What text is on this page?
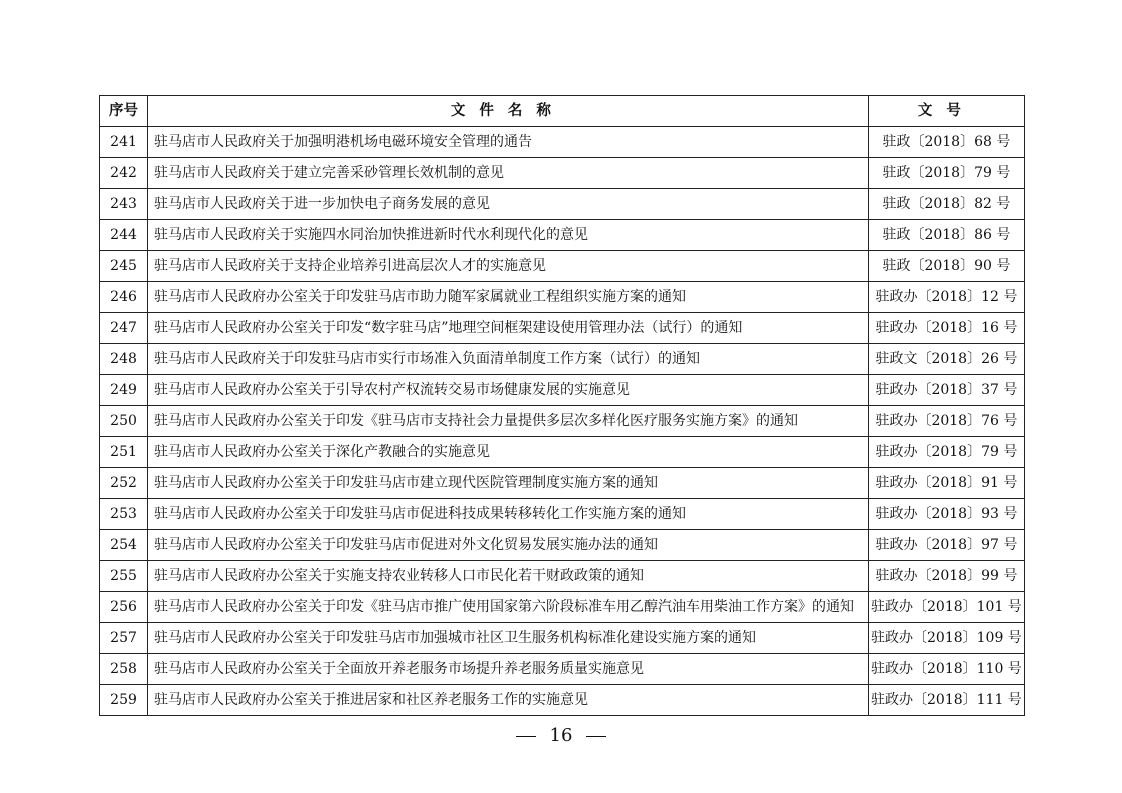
序号	文件名称	文号
241	驻马店市人民政府关于加强明港机场电磁环境安全管理的通告	驻政〔2018〕68 号
242	驻马店市人民政府关于建立完善采砂管理长效机制的意见	驻政〔2018〕79 号
243	驻马店市人民政府关于进一步加快电子商务发展的意见	驻政〔2018〕82 号
244	驻马店市人民政府关于实施四水同治加快推进新时代水利现代化的意见	驻政〔2018〕86 号
245	驻马店市人民政府关于支持企业培养引进高层次人才的实施意见	驻政〔2018〕90 号
246	驻马店市人民政府办公室关于印发驻马店市助力随军家属就业工程组织实施方案的通知	驻政办〔2018〕12 号
247	驻马店市人民政府办公室关于印发“数字驻马店”地理空间框架建设使用管理办法（试行）的通知	驻政办〔2018〕16 号
248	驻马店市人民政府关于印发驻马店市实行市场准入负面清单制度工作方案（试行）的通知	驻政文〔2018〕26 号
249	驻马店市人民政府办公室关于引导农村产权流转交易市场健康发展的实施意见	驻政办〔2018〕37 号
250	驻马店市人民政府办公室关于印发《驻马店市支持社会力量提供多层次多样化医疗服务实施方案》的通知	驻政办〔2018〕76 号
251	驻马店市人民政府办公室关于深化产教融合的实施意见	驻政办〔2018〕79 号
252	驻马店市人民政府办公室关于印发驻马店市建立现代医院管理制度实施方案的通知	驻政办〔2018〕91 号
253	驻马店市人民政府办公室关于印发驻马店市促进科技成果转移转化工作实施方案的通知	驻政办〔2018〕93 号
254	驻马店市人民政府办公室关于印发驻马店市促进对外文化贸易发展实施办法的通知	驻政办〔2018〕97 号
255	驻马店市人民政府办公室关于实施支持农业转移人口市民化若干财政政策的通知	驻政办〔2018〕99 号
256	驻马店市人民政府办公室关于印发《驻马店市推广使用国家第六阶段标准车用乙醇汽油车用柴油工作方案》的通知	驻政办〔2018〕101 号
257	驻马店市人民政府办公室关于印发驻马店市加强城市社区卫生服务机构标准化建设实施方案的通知	驻政办〔2018〕109 号
258	驻马店市人民政府办公室关于全面放开养老服务市场提升养老服务质量实施意见	驻政办〔2018〕110 号
259	驻马店市人民政府办公室关于推进居家和社区养老服务工作的实施意见	驻政办〔2018〕111 号
16
